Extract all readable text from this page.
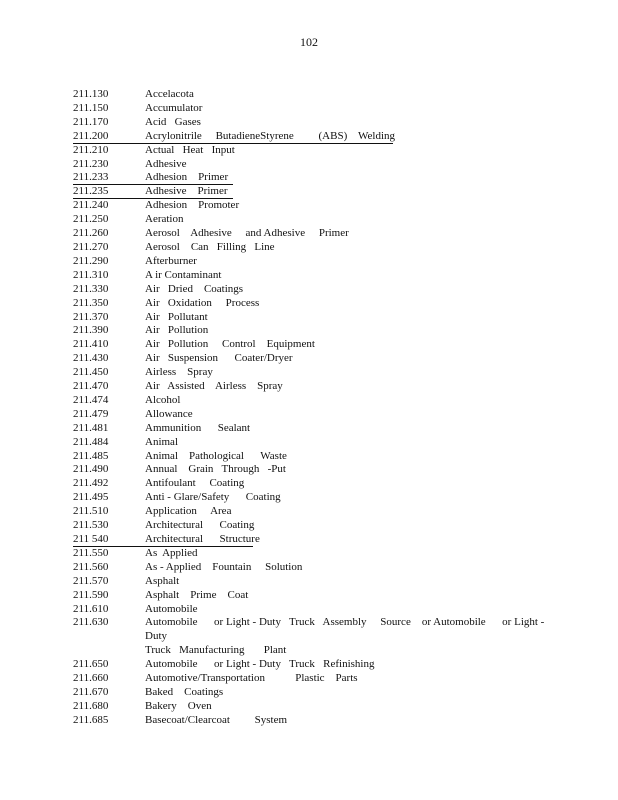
102
211.130	Accelacota
211.150	Accumulator
211.170	Acid   Gases
211.200	Acrylonitrile     ButadieneStyrene         (ABS)    Welding
211.210	Actual   Heat   Input
211.230	Adhesive
211.233	Adhesion    Primer
211.235	Adhesive    Primer
211.240	Adhesion    Promoter
211.250	Aeration
211.260	Aerosol    Adhesive     and Adhesive     Primer
211.270	Aerosol    Can   Filling   Line
211.290	Afterburner
211.310	A ir Contaminant
211.330	Air   Dried    Coatings
211.350	Air   Oxidation     Process
211.370	Air   Pollutant
211.390	Air   Pollution
211.410	Air   Pollution     Control    Equipment
211.430	Air   Suspension      Coater/Dryer
211.450	Airless    Spray
211.470	Air   Assisted    Airless    Spray
211.474	Alcohol
211.479	Allowance
211.481	Ammunition      Sealant
211.484	Animal
211.485	Animal    Pathological      Waste
211.490	Annual    Grain   Through   -Put
211.492	Antifoulant     Coating
211.495	Anti - Glare/Safety      Coating
211.510	Application     Area
211.530	Architectural      Coating
211 540	Architectural      Structure
211.550	As  Applied
211.560	As - Applied    Fountain     Solution
211.570	Asphalt
211.590	Asphalt    Prime    Coat
211.610	Automobile
211.630	Automobile      or Light - Duty   Truck   Assembly     Source    or Automobile      or Light - Duty
Truck   Manufacturing       Plant
211.650	Automobile      or Light - Duty   Truck   Refinishing
211.660	Automotive/Transportation           Plastic    Parts
211.670	Baked    Coatings
211.680	Bakery    Oven
211.685	Basecoat/Clearcoat         System
